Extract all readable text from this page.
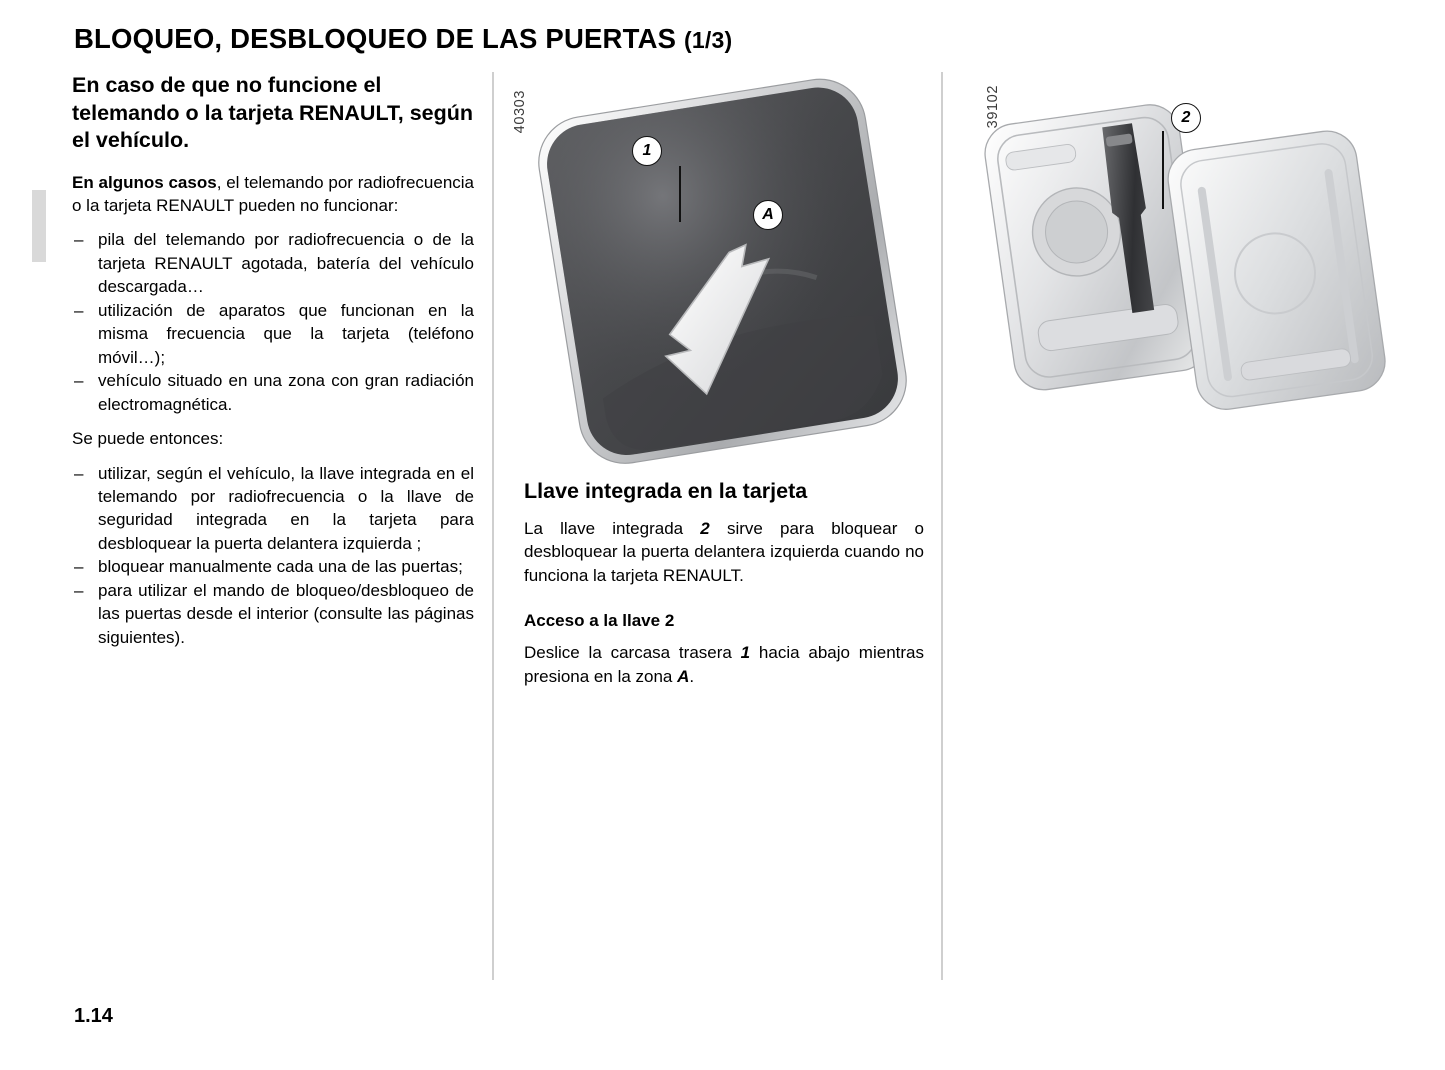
BLOQUEO, DESBLOQUEO DE LAS PUERTAS (1/3)
En caso de que no funcione el telemando o la tarjeta RENAULT, según el vehículo.

En algunos casos, el telemando por radiofrecuencia o la tarjeta RENAULT pueden no funcionar:

– pila del telemando por radiofrecuencia o de la tarjeta RENAULT agotada, batería del vehículo descargada…
– utilización de aparatos que funcionan en la misma frecuencia que la tarjeta (teléfono móvil…);
– vehículo situado en una zona con gran radiación electromagnética.

Se puede entonces:

– utilizar, según el vehículo, la llave integrada en el telemando por radiofrecuencia o la llave de seguridad integrada en la tarjeta para desbloquear la puerta delantera izquierda ;
– bloquear manualmente cada una de las puertas;
– para utilizar el mando de bloqueo/desbloqueo de las puertas desde el interior (consulte las páginas siguientes).
40303
1
A
Llave integrada en la tarjeta

La llave integrada 2 sirve para bloquear o desbloquear la puerta delantera izquierda cuando no funciona la tarjeta RENAULT.

Acceso a la llave 2

Deslice la carcasa trasera 1 hacia abajo mientras presiona en la zona A.

39102	2
1.14
